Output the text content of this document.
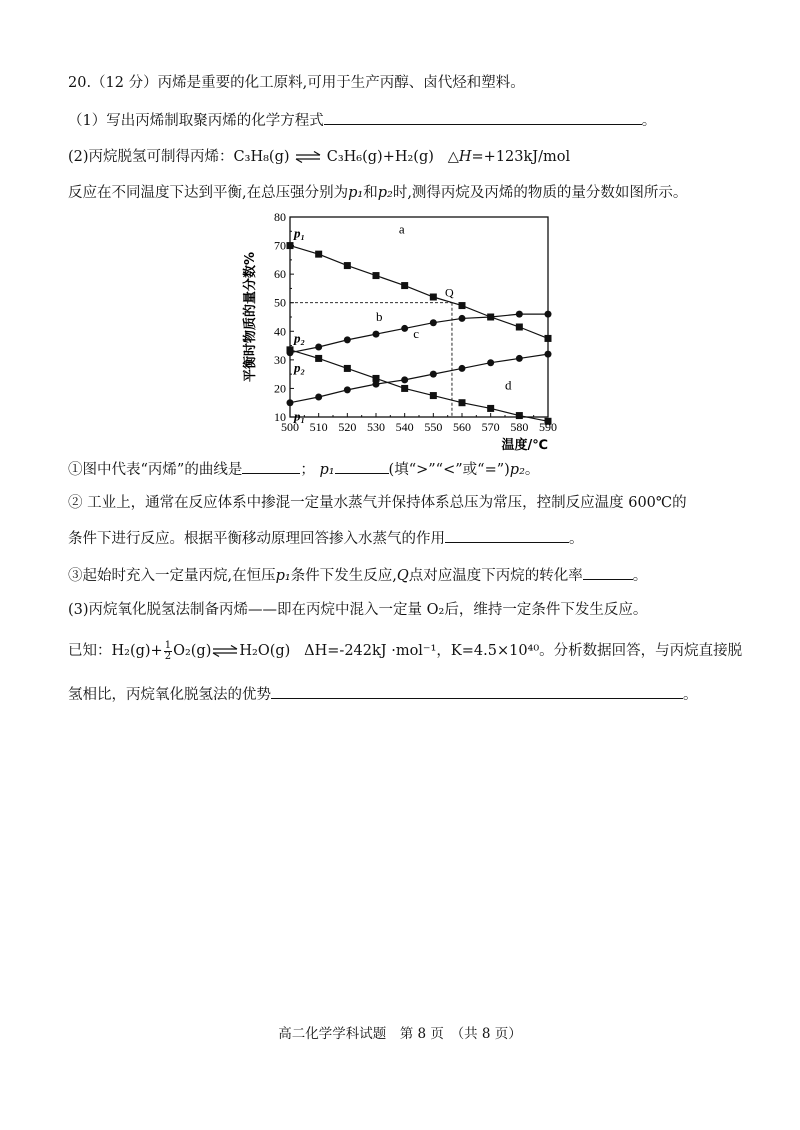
20.（12 分）丙烯是重要的化工原料,可用于生产丙醇、卤代烃和塑料。
（1）写出丙烯制取聚丙烯的化学方程式	。
(2)丙烷脱氢可制得丙烯：C₃H₈(g) ⇌ C₃H₆(g)+H₂(g) △H=+123kJ/mol
反应在不同温度下达到平衡,在总压强分别为p₁和p₂时,测得丙烷及丙烯的物质的量分数如图所示。
500 510 520 530 540 550 560 570 580 590
10
20
30
40
50
60
70
80
平衡时物质的量分数%
温度/℃
Q
a
b
c
d
p₁
p₂
p₂
p₁
①图中代表“丙烯”的曲线是	； p₁	(填“>”“<”或“=”)p₂。
② 工业上，通常在反应体系中掺混一定量水蒸气并保持体系总压为常压，控制反应温度 600℃的
条件下进行反应。根据平衡移动原理回答掺入水蒸气的作用	。
③起始时充入一定量丙烷,在恒压p₁条件下发生反应,Q点对应温度下丙烷的转化率	。
(3)丙烷氧化脱氢法制备丙烯——即在丙烷中混入一定量 O₂后，维持一定条件下发生反应。
已知：$H_2(g)+ \frac{1}{2}$ O₂(g)⇌H₂O(g) ΔH=-242kJ ·mol⁻¹，K=4.5×10⁴⁰。分析数据回答，与丙烷直接脱
氢相比，丙烷氧化脱氢法的优势	。
高二化学学科试题　第 8 页　（共 8 页）
